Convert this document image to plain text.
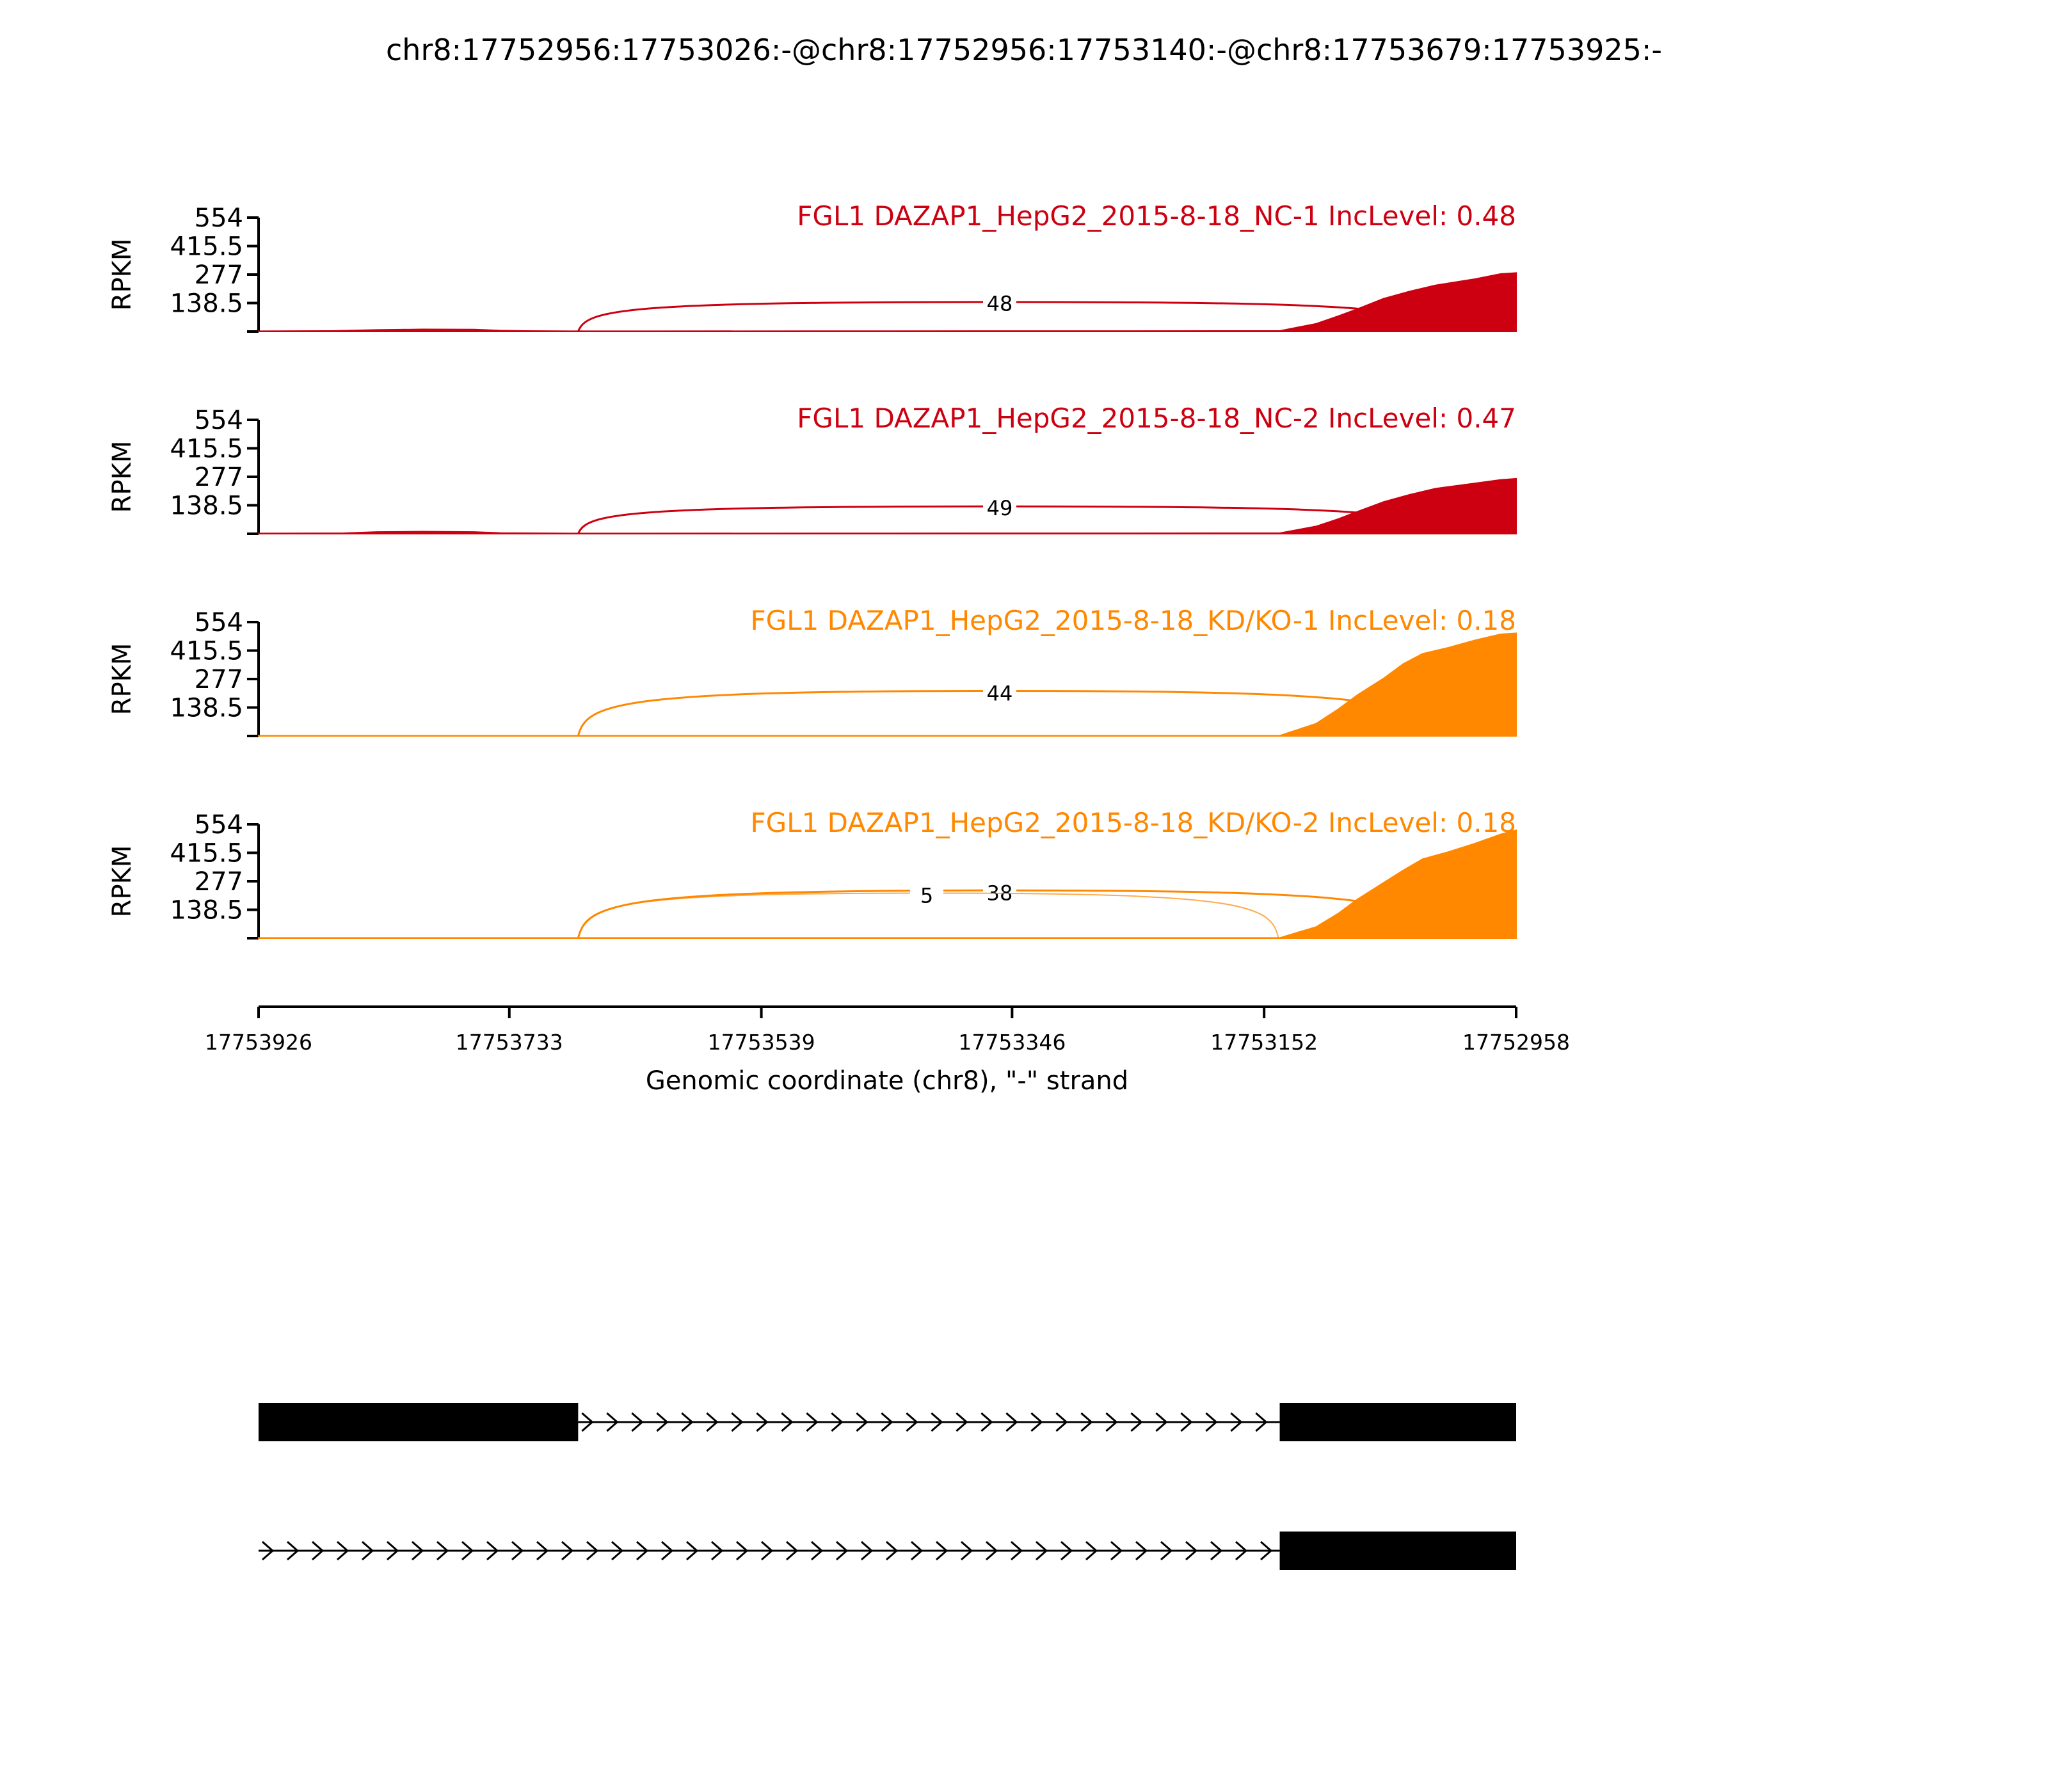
chr8:17752956:17753026:-@chr8:17752956:17753140:-@chr8:17753679:17753925:-
554
415.5
277
138.5
RPKM	48
FGL1 DAZAP1_HepG2_2015-8-18_NC-1 IncLevel: 0.48
554
415.5
277
138.5
RPKM	49
FGL1 DAZAP1_HepG2_2015-8-18_NC-2 IncLevel: 0.47
554
415.5
277
138.5
RPKM	44
FGL1 DAZAP1_HepG2_2015-8-18_KD/KO-1 IncLevel: 0.18
554
415.5
277
138.5
RPKM	38
5
FGL1 DAZAP1_HepG2_2015-8-18_KD/KO-2 IncLevel: 0.18
17753926	17753733	17753539	17753346	17753152	17752958
Genomic coordinate (chr8), "-" strand
